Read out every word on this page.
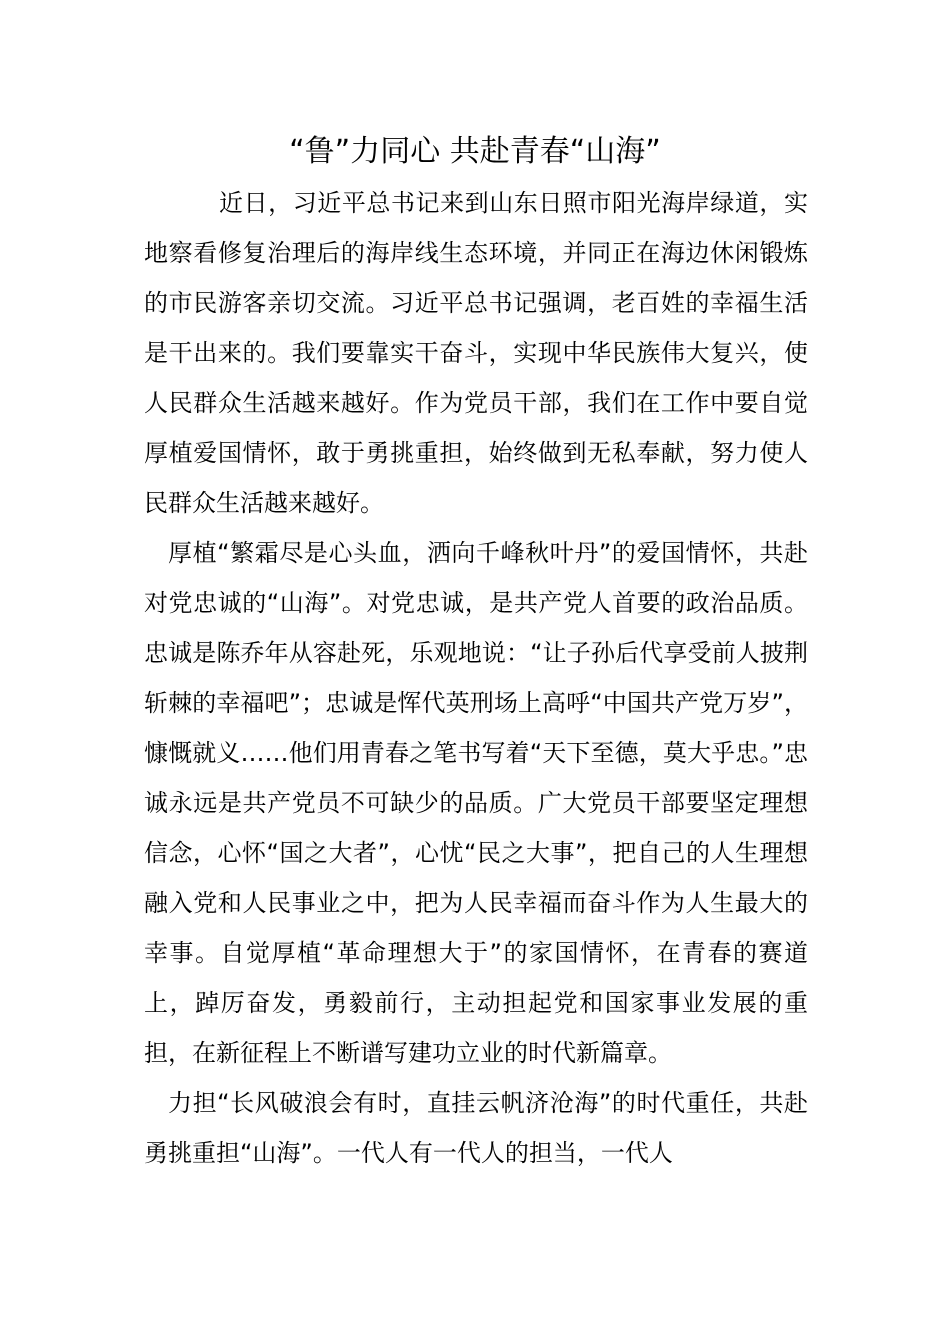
“鲁”力同心 共赴青春“山海”

近日，习近平总书记来到山东日照市阳光海岸绿道，实地察看修复治理后的海岸线生态环境，并同正在海边休闲锻炼的市民游客亲切交流。习近平总书记强调，老百姓的幸福生活是干出来的。我们要靠实干奋斗，实现中华民族伟大复兴，使人民群众生活越来越好。作为党员干部，我们在工作中要自觉厚植爱国情怀，敢于勇挑重担，始终做到无私奉献，努力使人民群众生活越来越好。

厚植“繁霜尽是心头血，洒向千峰秋叶丹”的爱国情怀，共赴对党忠诚的“山海”。对党忠诚，是共产党人首要的政治品质。忠诚是陈乔年从容赴死，乐观地说：“让子孙后代享受前人披荆斩棘的幸福吧”；忠诚是恽代英刑场上高呼“中国共产党万岁”，慷慨就义……他们用青春之笔书写着“天下至德，莫大乎忠。”忠诚永远是共产党员不可缺少的品质。广大党员干部要坚定理想信念，心怀“国之大者”，心忧“民之大事”，把自己的人生理想融入党和人民事业之中，把为人民幸福而奋斗作为人生最大的幸事。自觉厚植“革命理想大于”的家国情怀，在青春的赛道上，踔厉奋发，勇毅前行，主动担起党和国家事业发展的重担，在新征程上不断谱写建功立业的时代新篇章。

力担“长风破浪会有时，直挂云帆济沧海”的时代重任，共赴勇挑重担“山海”。一代人有一代人的担当，一代人
